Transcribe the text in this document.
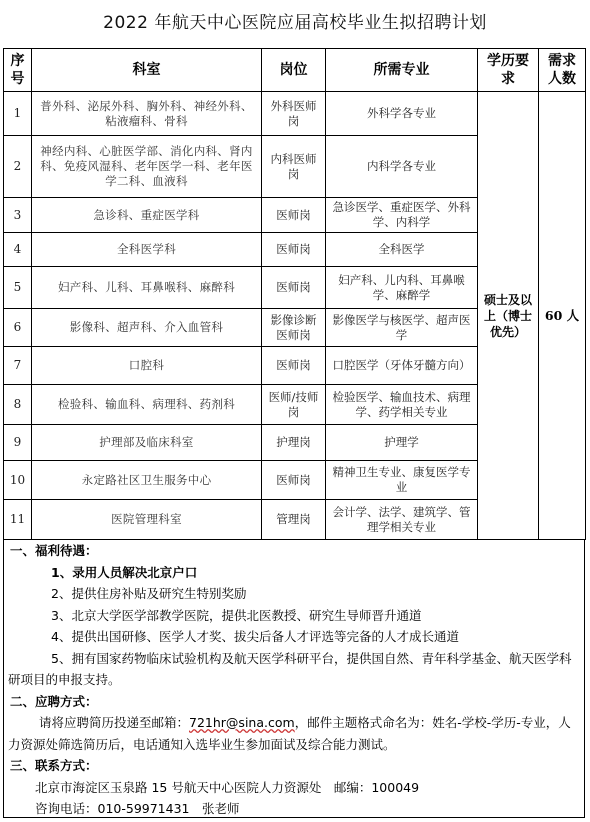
2022 年航天中心医院应届高校毕业生拟招聘计划
序号	科室	岗位	所需专业	学历要求	需求人数
1	普外科、泌尿外科、胸外科、神经外科、粘液瘤科、骨科	外科医师岗	外科学各专业	硕士及以上（博士优先）	60 人
2	神经内科、心脏医学部、消化内科、肾内科、免疫风湿科、老年医学一科、老年医学二科、血液科	内科医师岗	内科学各专业		
3	急诊科、重症医学科	医师岗	急诊医学、重症医学、外科学、内科学		
4	全科医学科	医师岗	全科医学		
5	妇产科、儿科、耳鼻喉科、麻醉科	医师岗	妇产科、儿内科、耳鼻喉学、麻醉学		
6	影像科、超声科、介入血管科	影像诊断医师岗	影像医学与核医学、超声医学		
7	口腔科	医师岗	口腔医学（牙体牙髓方向）		
8	检验科、输血科、病理科、药剂科	医师/技师岗	检验医学、输血技术、病理学、药学相关专业		
9	护理部及临床科室	护理岗	护理学		
10	永定路社区卫生服务中心	医师岗	精神卫生专业、康复医学专业		
11	医院管理科室	管理岗	会计学、法学、建筑学、管理学相关专业		
一、福利待遇：
1、录用人员解决北京户口
2、提供住房补贴及研究生特别奖励
3、北京大学医学部教学医院，提供北医教授、研究生导师晋升通道
4、提供出国研修、医学人才奖、拔尖后备人才评选等完备的人才成长通道
5、拥有国家药物临床试验机构及航天医学科研平台，提供国自然、青年科学基金、航天医学科研项目的申报支持。
二、应聘方式：
请将应聘简历投递至邮箱：721hr@sina.com，邮件主题格式命名为：姓名-学校-学历-专业，人力资源处筛选简历后，电话通知入选毕业生参加面试及综合能力测试。
三、联系方式：
北京市海淀区玉泉路 15 号航天中心医院人力资源处　邮编：100049
咨询电话：010-59971431　张老师
